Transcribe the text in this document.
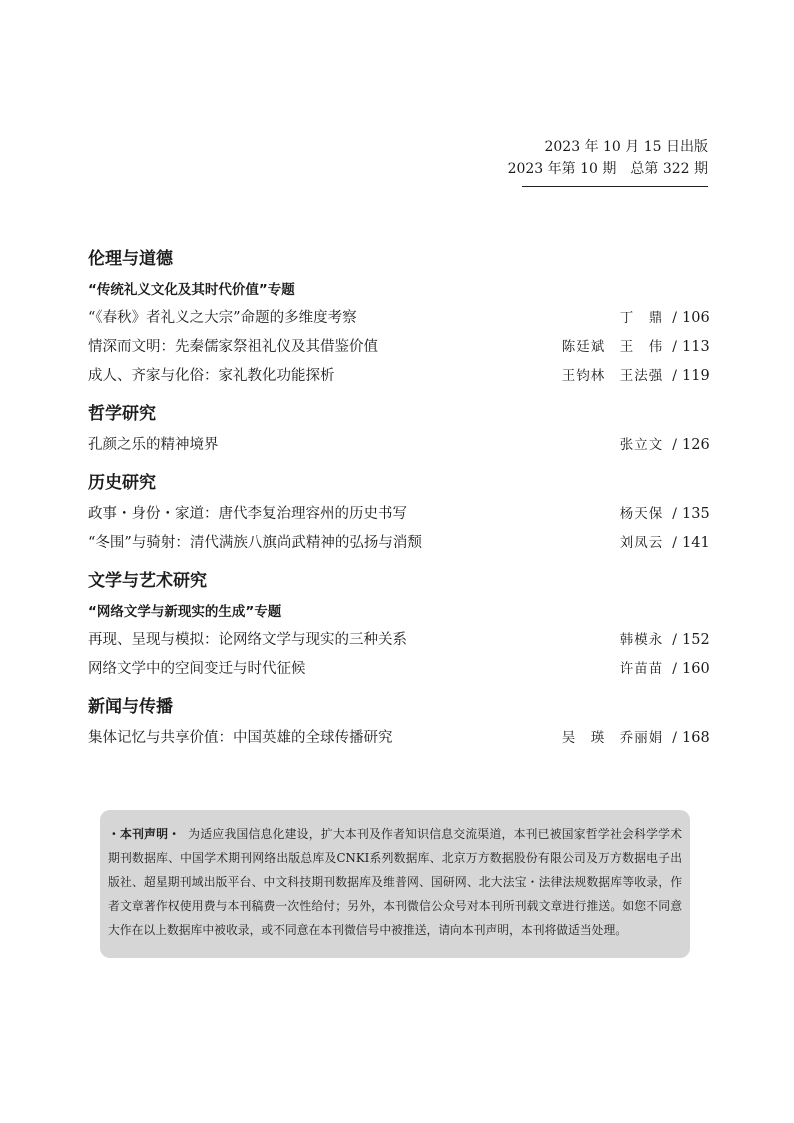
2023 年 10 月 15 日出版
2023 年第 10 期　总第 322 期
伦理与道德
“传统礼义文化及其时代价值”专题
“《春秋》者礼义之大宗”命题的多维度考察	丁　鼎 / 106
情深而文明：先秦儒家祭祖礼仪及其借鉴价值	陈廷斌　王　伟 / 113
成人、齐家与化俗：家礼教化功能探析	王钧林　王法强 / 119
哲学研究
孔颜之乐的精神境界	张立文 / 126
历史研究
政事・身份・家道：唐代李复治理容州的历史书写	杨天保 / 135
“冬围”与骑射：清代满族八旗尚武精神的弘扬与消颓	刘凤云 / 141
文学与艺术研究
“网络文学与新现实的生成”专题
再现、呈现与模拟：论网络文学与现实的三种关系	韩模永 / 152
网络文学中的空间变迁与时代征候	许苗苗 / 160
新闻与传播
集体记忆与共享价值：中国英雄的全球传播研究	吴　瑛　乔丽娟 / 168
・本刊声明・ 为适应我国信息化建设，扩大本刊及作者知识信息交流渠道，本刊已被国家哲学社会科学学术期刊数据库、中国学术期刊网络出版总库及CNKI系列数据库、北京万方数据股份有限公司及万方数据电子出版社、超星期刊域出版平台、中文科技期刊数据库及维普网、国研网、北大法宝・法律法规数据库等收录，作者文章著作权使用费与本刊稿费一次性给付；另外，本刊微信公众号对本刊所刊载文章进行推送。如您不同意大作在以上数据库中被收录，或不同意在本刊微信号中被推送，请向本刊声明，本刊将做适当处理。
